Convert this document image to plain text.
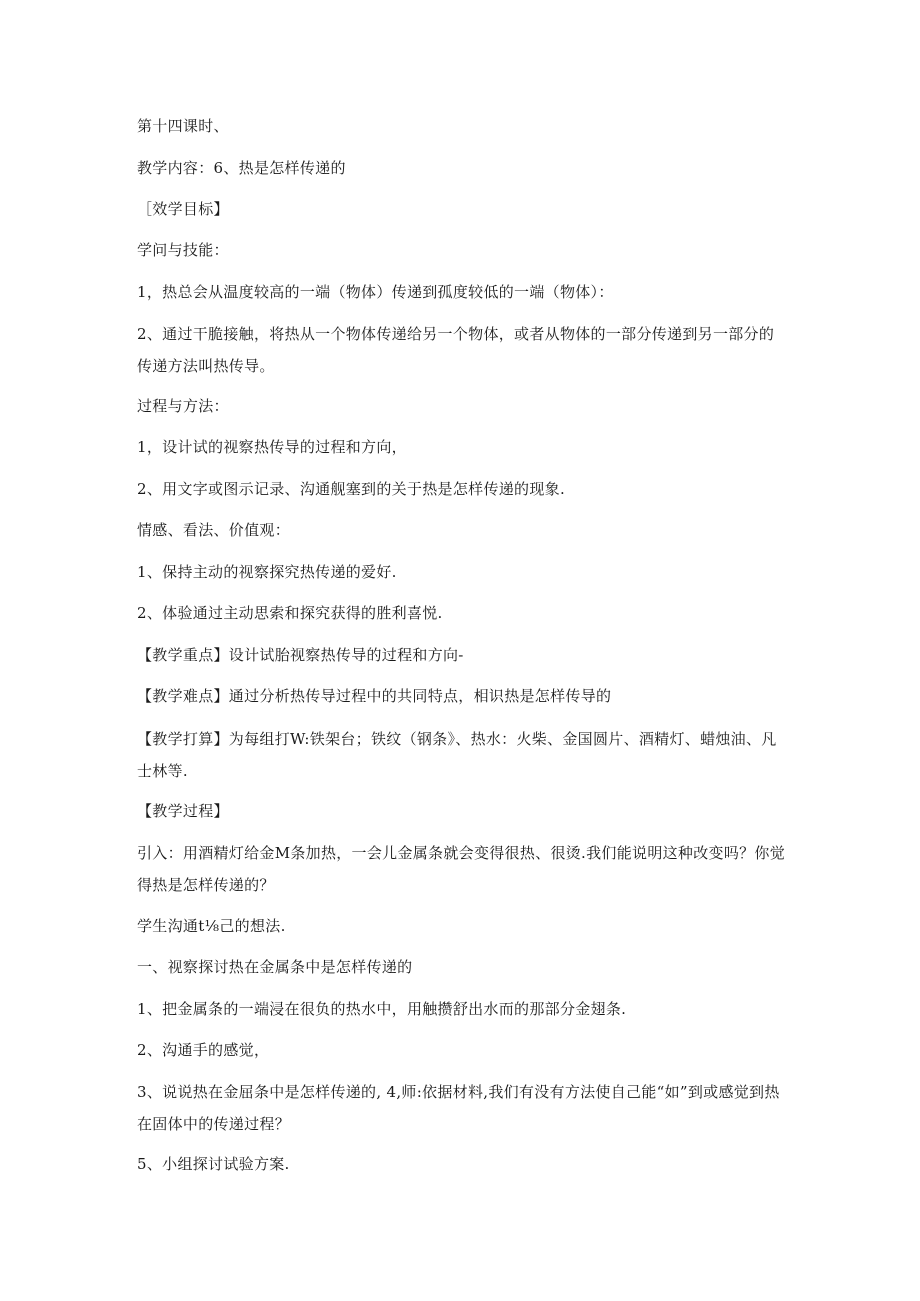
第十四课时、
教学内容：6、热是怎样传递的
［效学目标】
学问与技能：
1，热总会从温度较高的一端（物体）传递到孤度较低的一端（物体）：
2、通过干脆接触，将热从一个物体传递给另一个物体，或者从物体的一部分传递到另一部分的传递方法叫热传导。
过程与方法：
1，设计试的视察热传导的过程和方向，
2、用文字或图示记录、沟通舰塞到的关于热是怎样传递的现象.
情感、看法、价值观：
1、保持主动的视察探究热传递的爱好.
2、体验通过主动思索和探究获得的胜利喜悦.
【教学重点】设计试胎视察热传导的过程和方向-
【教学难点】通过分析热传导过程中的共同特点，相识热是怎样传导的
【教学打算】为每组打W:铁架台；铁纹（钢条》、热水：火柴、金国圆片、酒精灯、蜡烛油、凡士林等.
【教学过程】
引入：用酒精灯给金M条加热，一会儿金属条就会变得很热、很烫.我们能说明这种改变吗？你觉得热是怎样传递的？
学生沟通t⅛己的想法.
一、视察探讨热在金属条中是怎样传递的
1、把金属条的一端浸在很负的热水中，用触攒舒出水而的那部分金翅条.
2、沟通手的感觉，
3、说说热在金屈条中是怎样传递的, 4,师:依据材料,我们有没有方法使自己能“如”到或感觉到热在固体中的传递过程？
5、小组探讨试验方案.
